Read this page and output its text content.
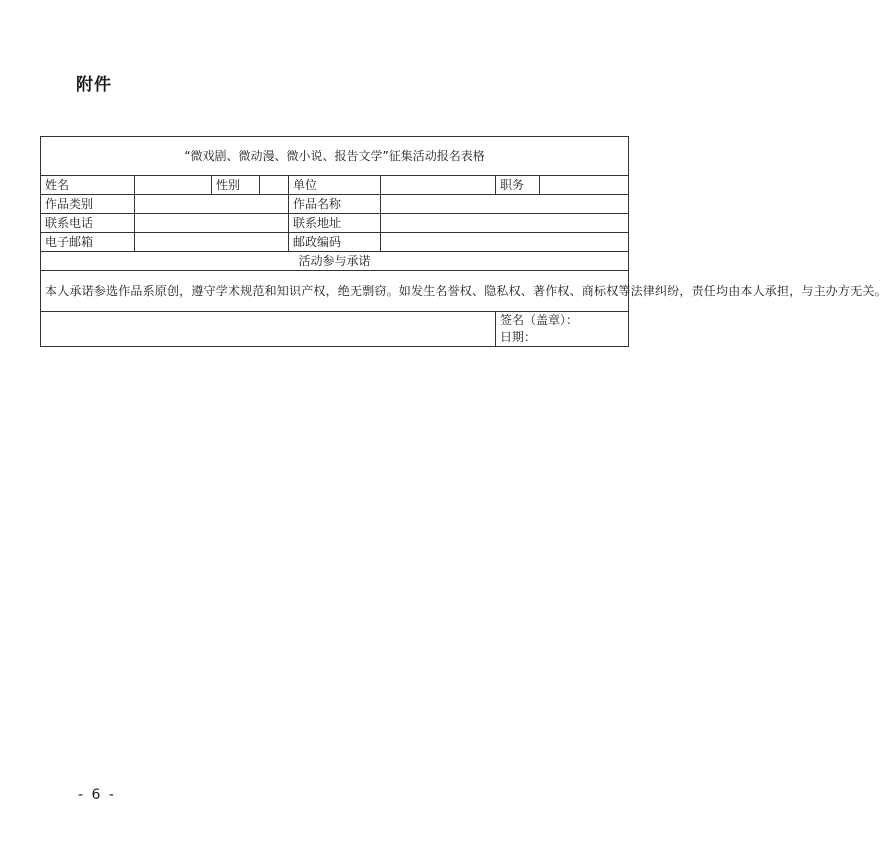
附件
“微戏剧、微动漫、微小说、报告文学”征集活动报名表格							
姓名		性别		单位		职务	
作品类别				作品名称			
联系电话				联系地址			
电子邮箱				邮政编码			
活动参与承诺							
本人承诺参选作品系原创，遵守学术规范和知识产权，绝无剽窃。如发生名誉权、隐私权、著作权、商标权等法律纠纷，责任均由本人承担，与主办方无关。							

						签名（盖章）：
日期：	
- 6 -
